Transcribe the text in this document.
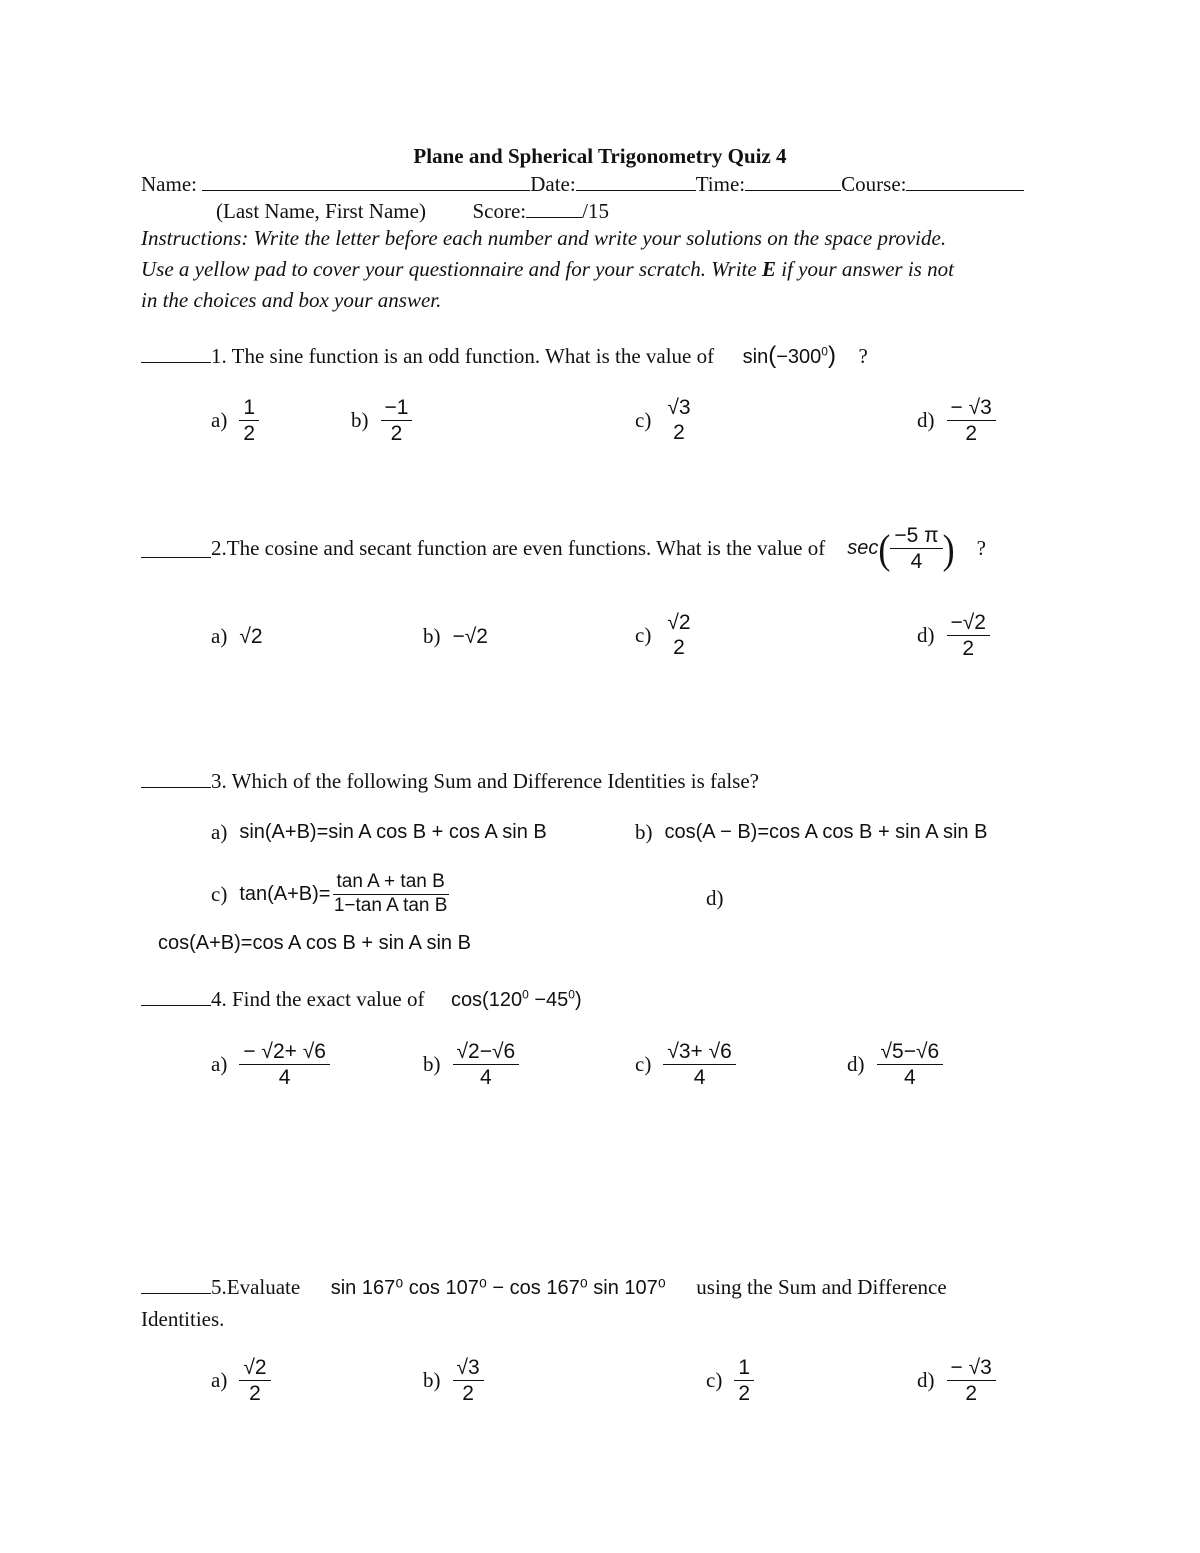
Plane and Spherical Trigonometry Quiz 4
Name:	Date:	Time:	Course:
(Last Name, First Name) Score:	/15
Instructions: Write the letter before each number and write your solutions on the space provide.
Use a yellow pad to cover your questionnaire and for your scratch. Write E if your answer is not
in the choices and box your answer.
1. The sine function is an odd function. What is the value of $\sin(-300^0)$ ?
$a) \frac{1}{2}$	$b) \frac{-1}{2}$	c)
√3
2
$d) \frac{- √3}{2}$
2. The cosine and secant function are even functions. What is the value of sec ( $\frac{-5 \pi}{4}$ ) ?
a) √2	b) −√2	c)
√2
2
$d) \frac{-√2}{2}$
3. Which of the following Sum and Difference Identities is false?
a) sin(A+B)=sin A cos B + cos A sin B	b) cos(A − B)=cos A cos B + sin A sin B
c) $\tan(A+B)= \frac{\text{tan A + tan B}}{\text{1−tan A tan B}}$	d)
cos(A+B)=cos A cos B + sin A sin B
4. Find the exact value of $\cos(120^0 -45^0)$
$a) \frac{- √2+ √6}{4}$	$b) \frac{√2-√6}{4}$	$c) \frac{√3+ √6}{4}$	$d) \frac{√5-√6}{4}$
5.Evaluate sin 167⁰ cos 107⁰ − cos 167⁰ sin 107⁰ using the Sum and Difference
Identities.
$a) \frac{√2}{2}$	$b) \frac{√3}{2}$	$c) \frac{1}{2}$	$d) \frac{- √3}{2}$
